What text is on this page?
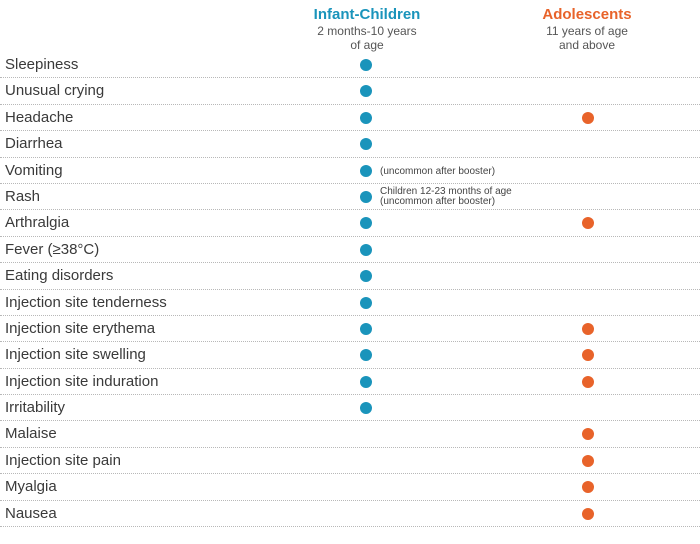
Infant-Children
2 months-10 years
of age
Adolescents
11 years of age
and above
Sleepiness
Unusual crying
Headache
Diarrhea
Vomiting	(uncommon after booster)
Rash	Children 12-23 months of age
(uncommon after booster)
Arthralgia
Fever (≥38°C)
Eating disorders
Injection site tenderness
Injection site erythema
Injection site swelling
Injection site induration
Irritability
Malaise
Injection site pain
Myalgia
Nausea
